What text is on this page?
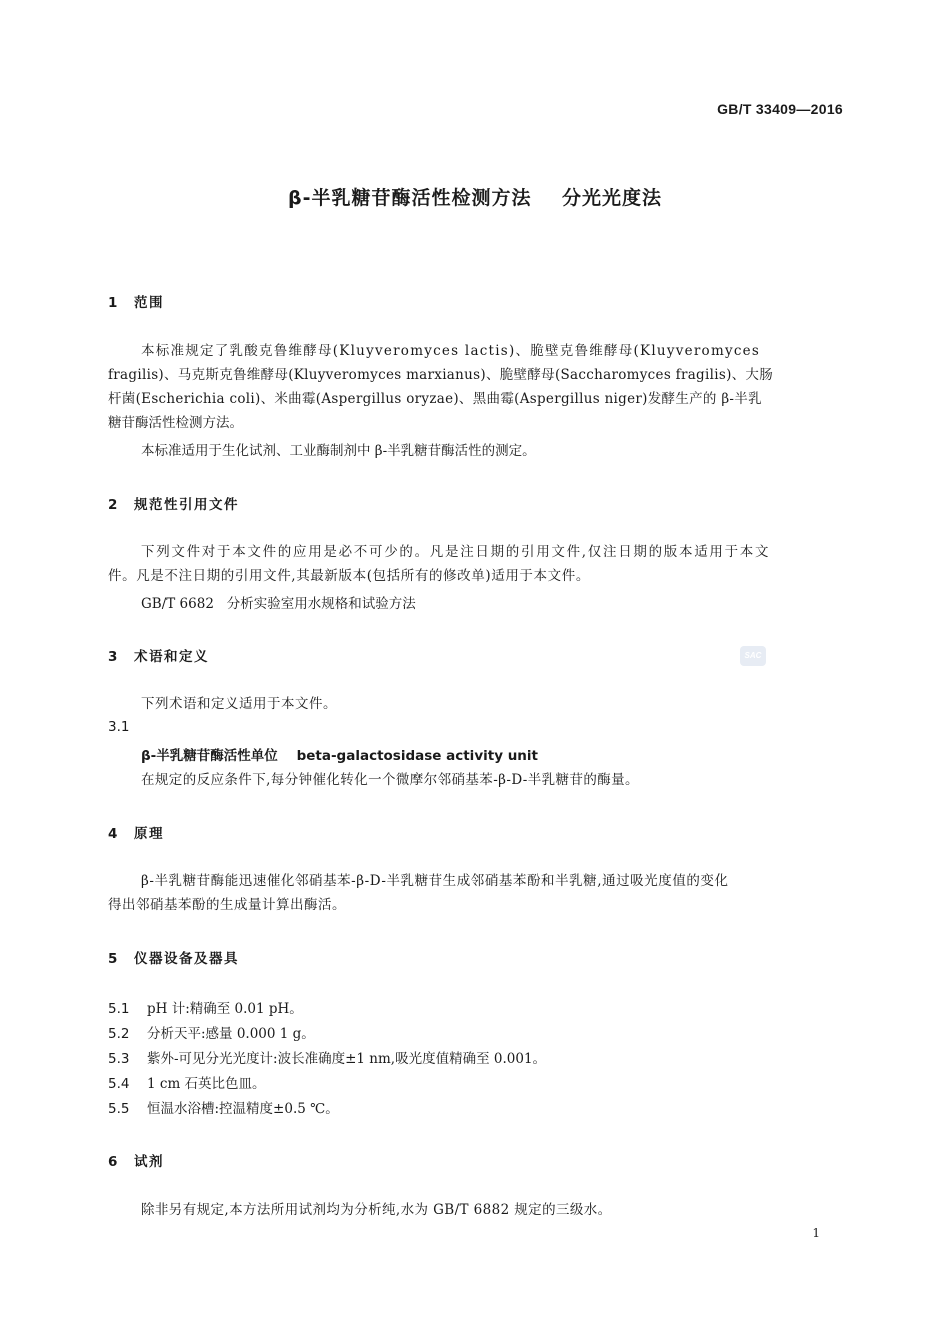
GB/T 33409—2016
β-半乳糖苷酶活性检测方法    分光光度法
1 范围
本标准规定了乳酸克鲁维酵母(Kluyveromyces lactis)、脆壁克鲁维酵母(Kluyveromyces
fragilis)、马克斯克鲁维酵母(Kluyveromyces marxianus)、脆壁酵母(Saccharomyces fragilis)、大肠
杆菌(Escherichia coli)、米曲霉(Aspergillus oryzae)、黑曲霉(Aspergillus niger)发酵生产的 β-半乳
糖苷酶活性检测方法。
本标准适用于生化试剂、工业酶制剂中 β-半乳糖苷酶活性的测定。
2 规范性引用文件
下列文件对于本文件的应用是必不可少的。凡是注日期的引用文件,仅注日期的版本适用于本文
件。凡是不注日期的引用文件,其最新版本(包括所有的修改单)适用于本文件。
GB/T 6682   分析实验室用水规格和试验方法
3 术语和定义	SAC
下列术语和定义适用于本文件。
3.1
β-半乳糖苷酶活性单位    beta-galactosidase activity unit
在规定的反应条件下,每分钟催化转化一个微摩尔邻硝基苯-β-D-半乳糖苷的酶量。
4 原理
β-半乳糖苷酶能迅速催化邻硝基苯-β-D-半乳糖苷生成邻硝基苯酚和半乳糖,通过吸光度值的变化
得出邻硝基苯酚的生成量计算出酶活。
5 仪器设备及器具
5.1 pH 计:精确至 0.01 pH。
5.2 分析天平:感量 0.000 1 g。
5.3 紫外-可见分光光度计:波长准确度±1 nm,吸光度值精确至 0.001。
5.4 1 cm 石英比色皿。
5.5 恒温水浴槽:控温精度±0.5 ℃。
6 试剂
除非另有规定,本方法所用试剂均为分析纯,水为 GB/T 6882 规定的三级水。
1
